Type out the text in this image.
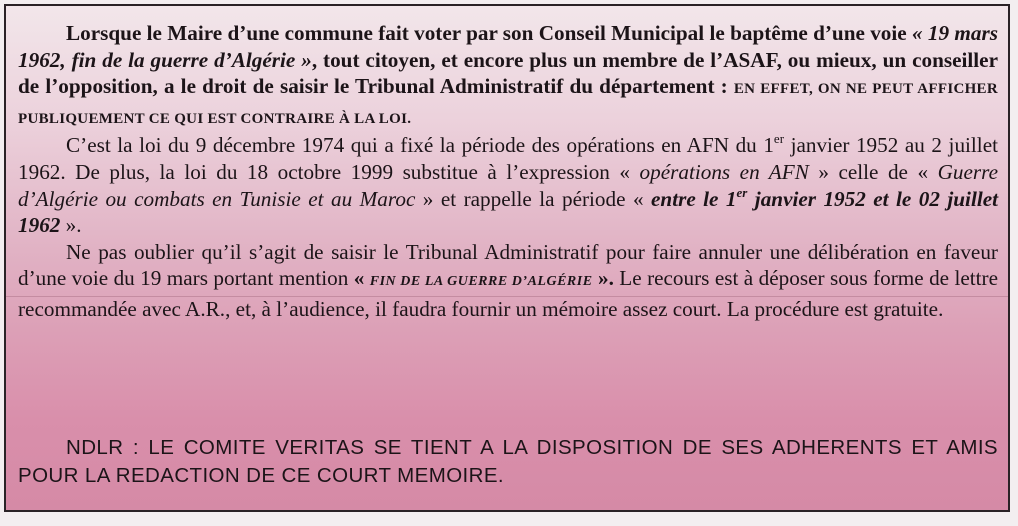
Lorsque le Maire d’une commune fait voter par son Conseil Municipal le baptême d’une voie « 19 mars 1962, fin de la guerre d’Algérie », tout citoyen, et encore plus un membre de l’ASAF, ou mieux, un conseiller de l’opposition, a le droit de saisir le Tribunal Administratif du département : EN EFFET, ON NE PEUT AFFICHER PUBLIQUEMENT CE QUI EST CONTRAIRE À LA LOI.

C’est la loi du 9 décembre 1974 qui a fixé la période des opérations en AFN du 1er janvier 1952 au 2 juillet 1962. De plus, la loi du 18 octobre 1999 substitue à l’expression « opérations en AFN » celle de « Guerre d’Algérie ou combats en Tunisie et au Maroc » et rappelle la période « entre le 1er janvier 1952 et le 02 juillet 1962 ».

Ne pas oublier qu’il s’agit de saisir le Tribunal Administratif pour faire annuler une délibération en faveur d’une voie du 19 mars portant mention « FIN DE LA GUERRE D’ALGÉRIE ». Le recours est à déposer sous forme de lettre recommandée avec A.R., et, à l’audience, il faudra fournir un mémoire assez court. La procédure est gratuite.

NDLR : LE COMITE VERITAS SE TIENT A LA DISPOSITION DE SES ADHERENTS ET AMIS POUR LA REDACTION DE CE COURT MEMOIRE.
